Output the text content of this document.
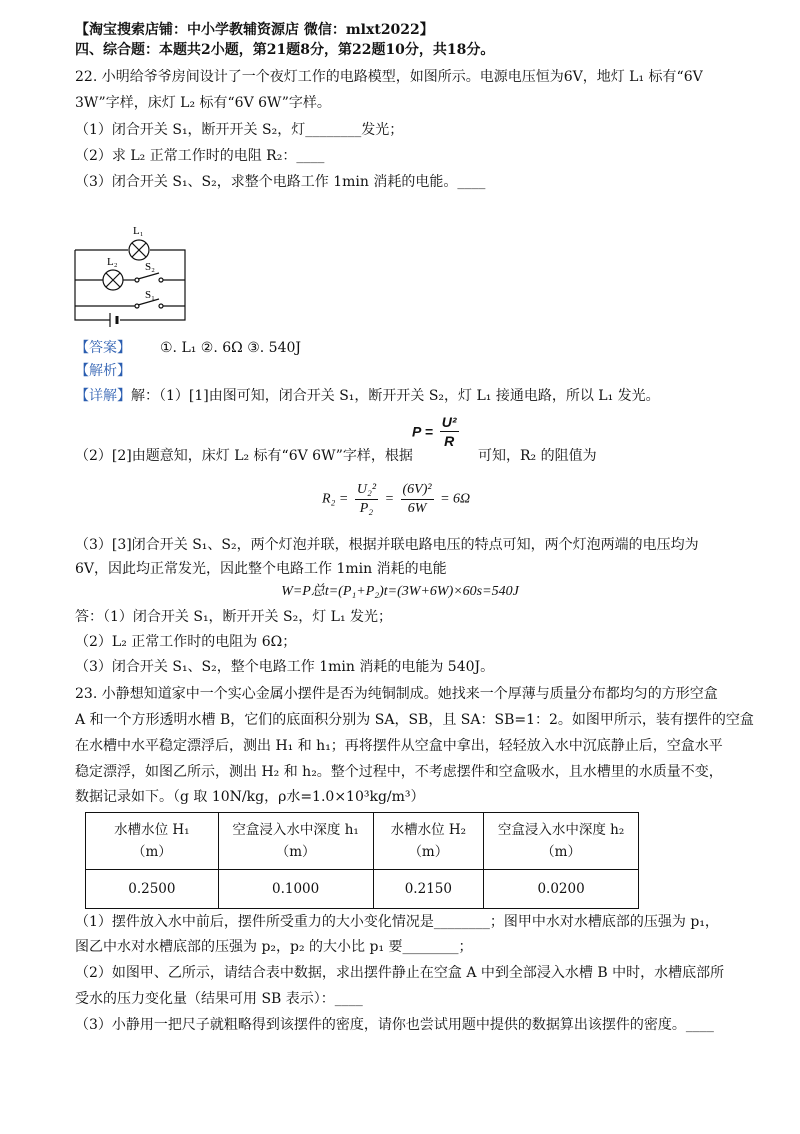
【淘宝搜索店铺：中小学教辅资源店 微信：mlxt2022】
四、综合题：本题共2小题，第21题8分，第22题10分，共18分。
22. 小明给爷爷房间设计了一个夜灯工作的电路模型，如图所示。电源电压恒为6V，地灯 L₁ 标有“6V
3W”字样，床灯 L₂ 标有“6V 6W”字样。
（1）闭合开关 S₁，断开开关 S₂，灯________发光；
（2）求 L₂ 正常工作时的电阻 R₂：____
（3）闭合开关 S₁、S₂，求整个电路工作 1min 消耗的电能。____
L₁
L₂ S₂
S₁
【答案】 ①. L₁ ②. 6Ω ③. 540J
【解析】
【详解】解：（1）[1]由图可知，闭合开关 S₁，断开开关 S₂，灯 L₁ 接通电路，所以 L₁ 发光。
（2）[2]由题意知，床灯 L₂ 标有“6V 6W”字样，根据
$P = \frac{\text{U²}}{R}$
可知，R₂ 的阻值为
$R_2 = \frac{\text{U₂²}}{\text{P₂}} = \frac{\text{(6V)²}}{6W} = 6\Omega$
（3）[3]闭合开关 S₁、S₂，两个灯泡并联，根据并联电路电压的特点可知，两个灯泡两端的电压均为
6V，因此均正常发光，因此整个电路工作 1min 消耗的电能
W=P总t=(P₁+P₂)t=(3W+6W)×60s=540J
答：（1）闭合开关 S₁，断开开关 S₂，灯 L₁ 发光；
（2）L₂ 正常工作时的电阻为 6Ω；
（3）闭合开关 S₁、S₂，整个电路工作 1min 消耗的电能为 540J。
23. 小静想知道家中一个实心金属小摆件是否为纯铜制成。她找来一个厚薄与质量分布都均匀的方形空盒
A 和一个方形透明水槽 B，它们的底面积分别为 SA，SB，且 SA：SB=1：2。如图甲所示，装有摆件的空盒
在水槽中水平稳定漂浮后，测出 H₁ 和 h₁；再将摆件从空盒中拿出，轻轻放入水中沉底静止后，空盒水平
稳定漂浮，如图乙所示，测出 H₂ 和 h₂。整个过程中，不考虑摆件和空盒吸水，且水槽里的水质量不变，
数据记录如下。（g 取 10N/kg，ρ水=1.0×10³kg/m³）
水槽水位 H₁
（m）	空盒浸入水中深度 h₁
（m）	水槽水位 H₂
（m）	空盒浸入水中深度 h₂
（m）
0.2500	0.1000	0.2150	0.0200
（1）摆件放入水中前后，摆件所受重力的大小变化情况是________；图甲中水对水槽底部的压强为 p₁，
图乙中水对水槽底部的压强为 p₂，p₂ 的大小比 p₁ 要________；
（2）如图甲、乙所示，请结合表中数据，求出摆件静止在空盒 A 中到全部浸入水槽 B 中时，水槽底部所
受水的压力变化量（结果可用 SB 表示）：____
（3）小静用一把尺子就粗略得到该摆件的密度，请你也尝试用题中提供的数据算出该摆件的密度。____
